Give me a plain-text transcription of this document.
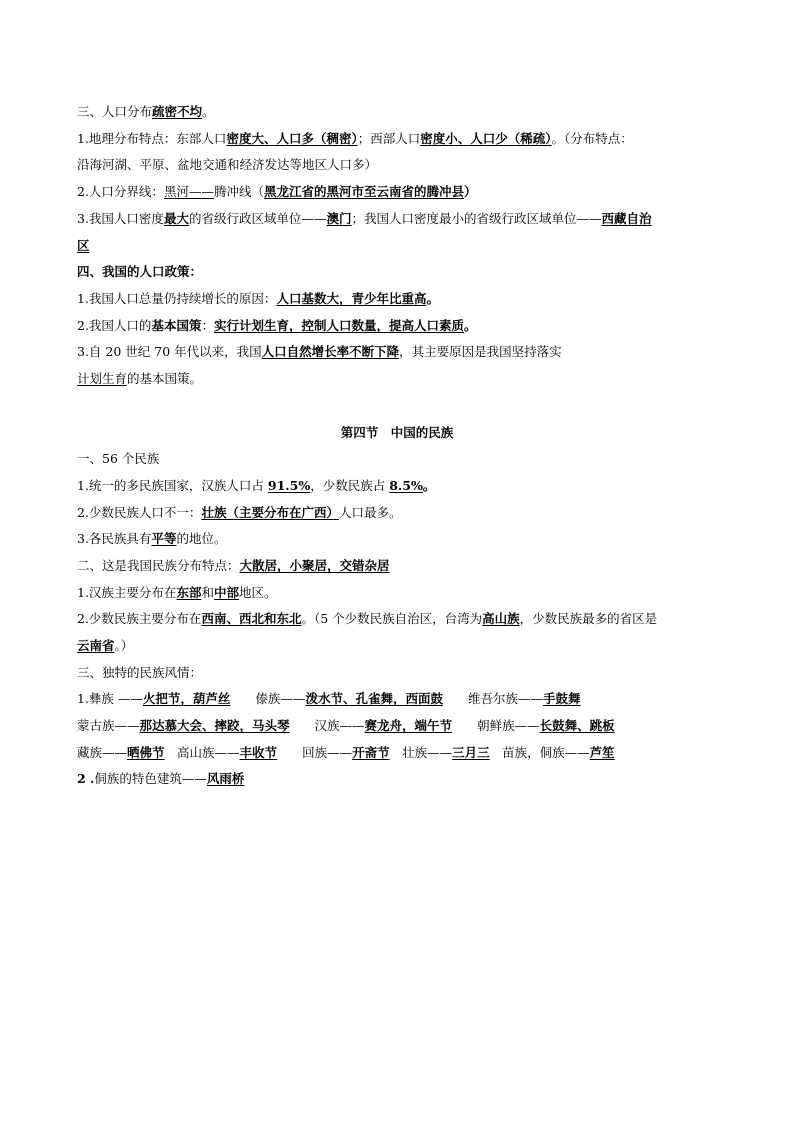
三、人口分布疏密不均。
1.地理分布特点：东部人口密度大、人口多（稠密）；西部人口密度小、人口少（稀疏）。（分布特点：
沿海河湖、平原、盆地交通和经济发达等地区人口多）
2.人口分界线：黑河——腾冲线（黑龙江省的黑河市至云南省的腾冲县）
3.我国人口密度最大的省级行政区域单位——澳门；我国人口密度最小的省级行政区域单位——西藏自治
区
四、我国的人口政策：
1.我国人口总量仍持续增长的原因：人口基数大，青少年比重高。
2.我国人口的基本国策：实行计划生育，控制人口数量，提高人口素质。
3.自 20 世纪 70 年代以来，我国人口自然增长率不断下降，其主要原因是我国坚持落实
计划生育的基本国策。
第四节　中国的民族
一、56 个民族
1.统一的多民族国家，汉族人口占 91.5%，少数民族占 8.5%。
2.少数民族人口不一：壮族（主要分布在广西）人口最多。
3.各民族具有平等的地位。
二、这是我国民族分布特点：大散居，小聚居，交错杂居
1.汉族主要分布在东部和中部地区。
2.少数民族主要分布在西南、西北和东北。（5 个少数民族自治区，台湾为高山族，少数民族最多的省区是
云南省。）
三、独特的民族风情：
1.彝族 ——火把节，葫芦丝　　傣族——泼水节、孔雀舞，西面鼓　　维吾尔族——手鼓舞
蒙古族——那达慕大会、摔跤，马头琴　　汉族——赛龙舟，端午节　　朝鲜族——长鼓舞、跳板
藏族——晒佛节　高山族——丰收节　　回族——开斋节　壮族——三月三　苗族，侗族——芦笙
2 .侗族的特色建筑——风雨桥
